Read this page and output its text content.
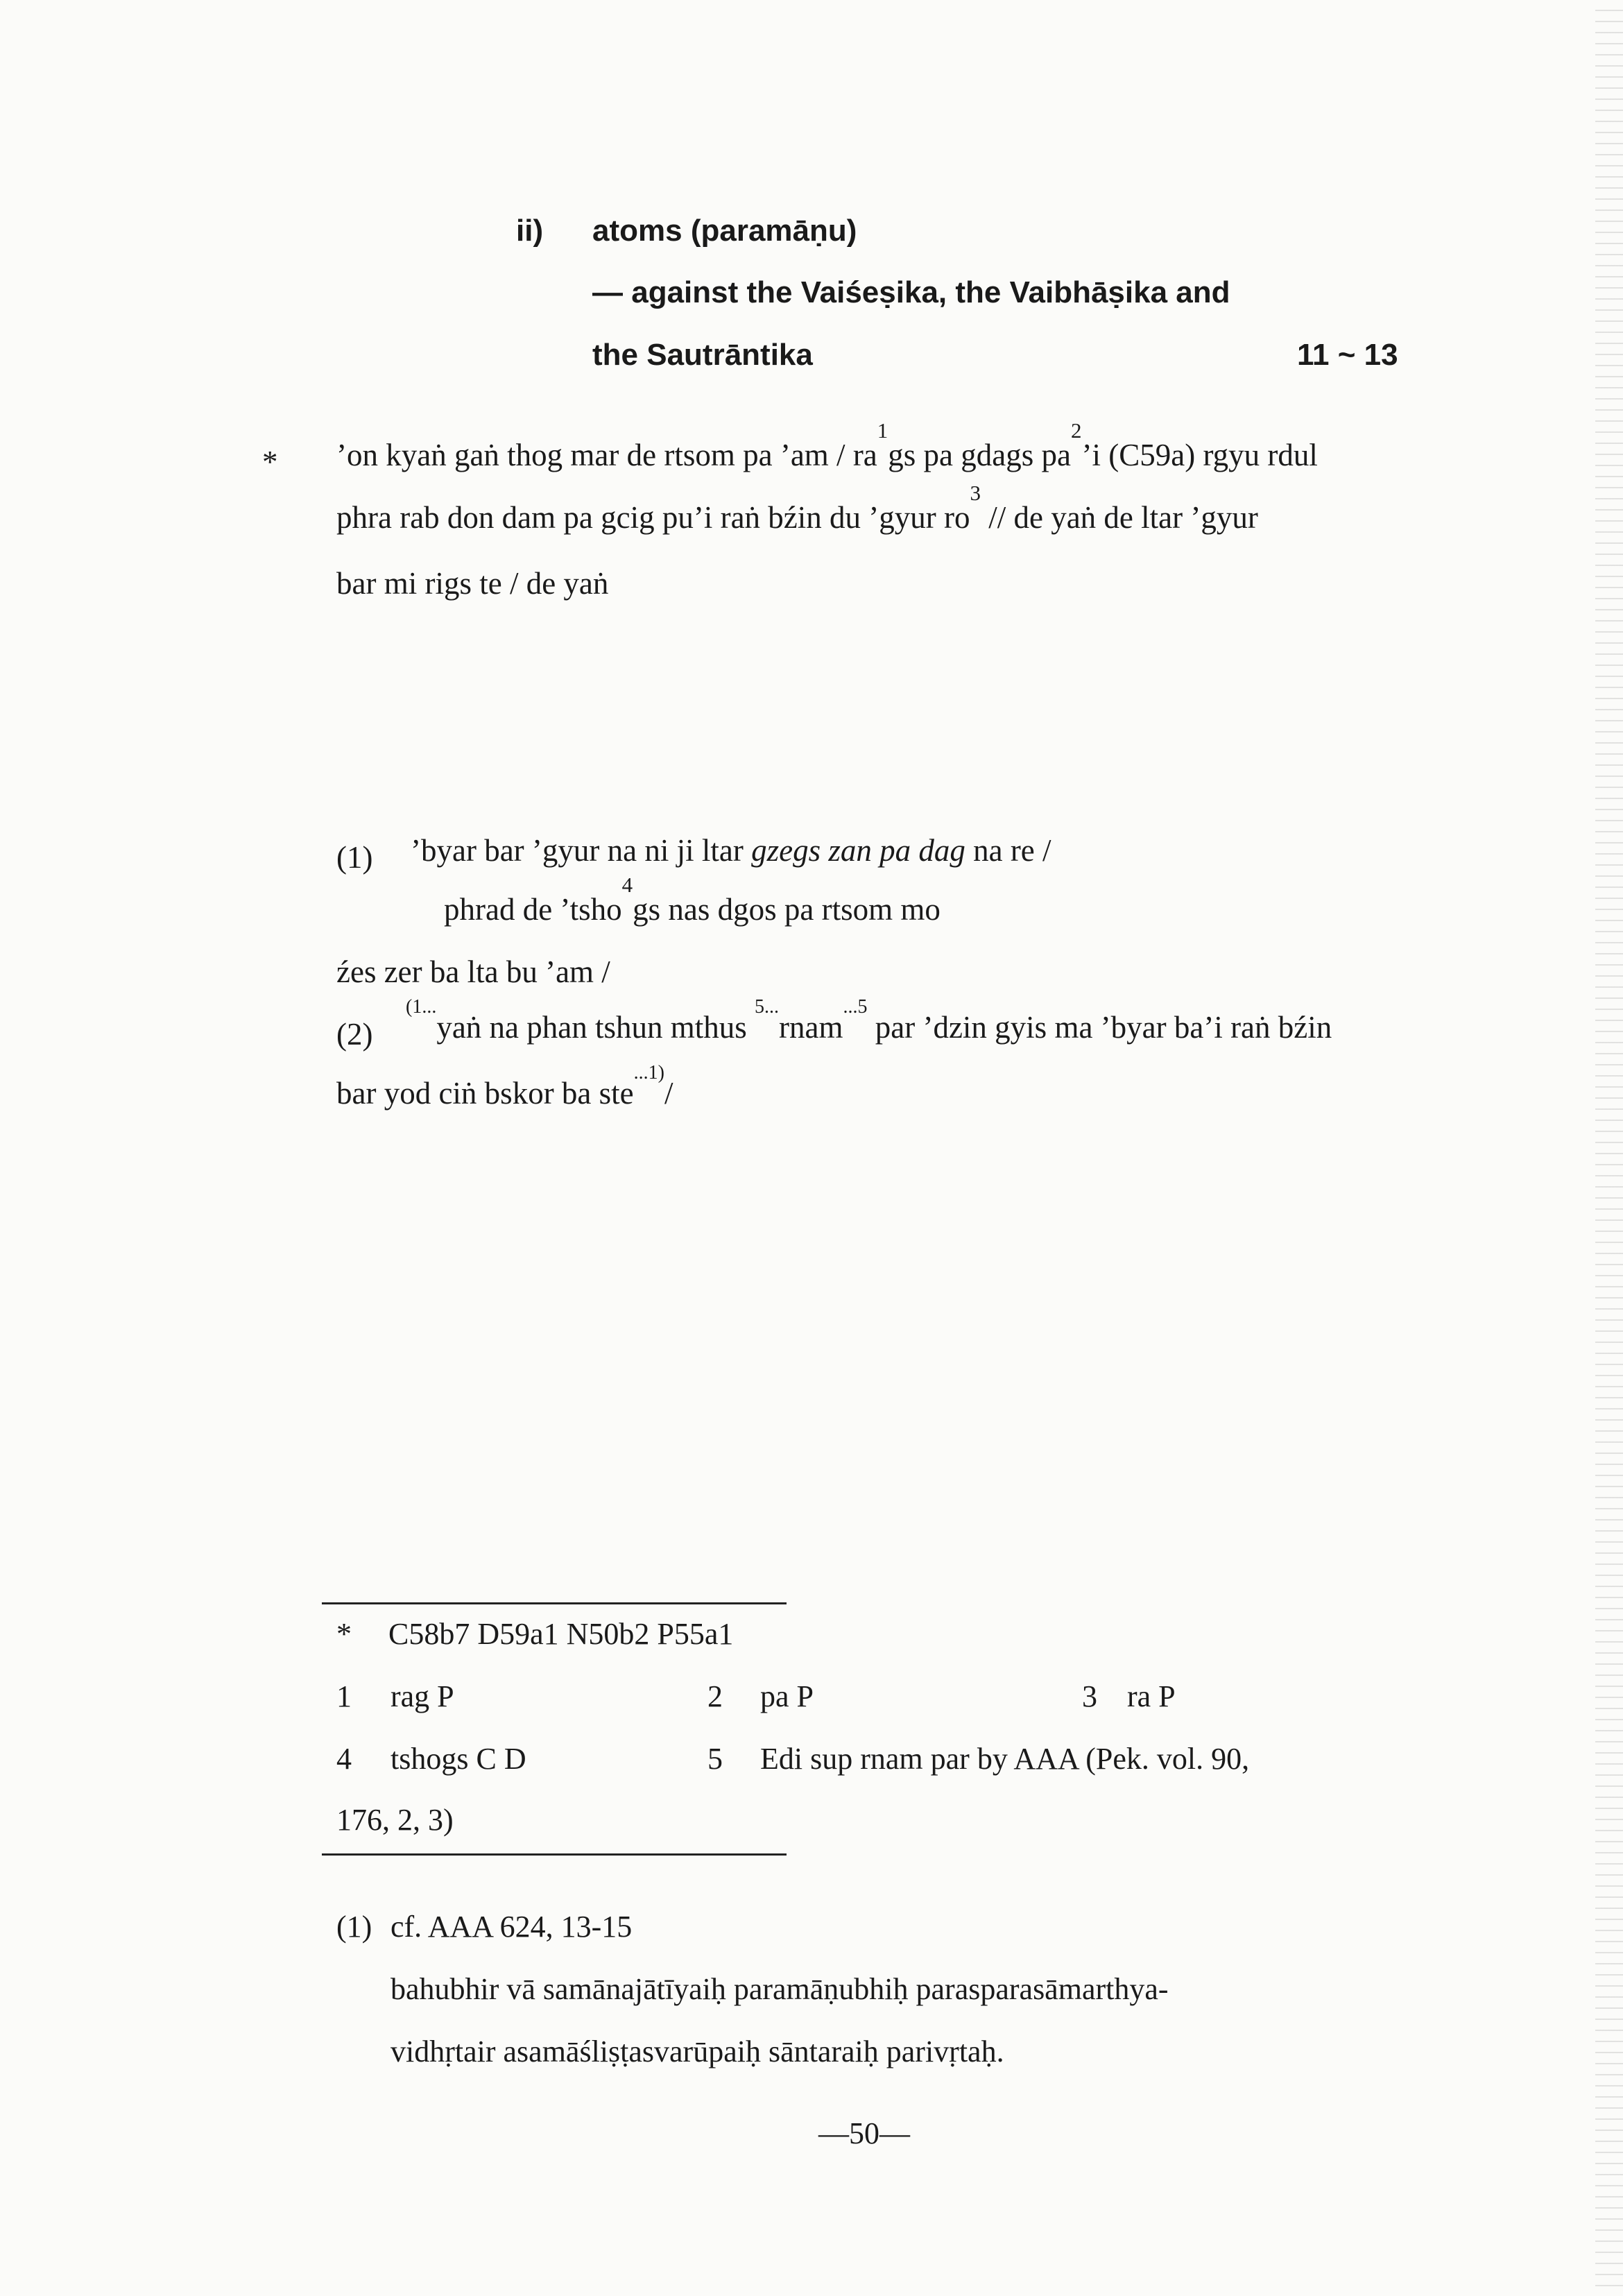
ii) atoms (paramāṇu)
— against the Vaiśeṣika, the Vaibhāṣika and
the Sautrāntika	11 ~ 13
* ’on kyaṅ gaṅ thog mar de rtsom pa ’am / $ra^1gs$ pa gdags $pa^2’i$ (C59a) rgyu rdul
phra rab don dam pa gcig pu’i raṅ bźin du ’gyur $ro^3$ // de yaṅ de ltar ’gyur
bar mi rigs te / de yaṅ
(1) ’byar bar ’gyur na ni ji ltar gzegs zan pa dag na re /
phrad de ’tsho$^4$gs nas dgos pa rtsom mo
źes zer ba lta bu ’am /
(2)
$^{(1...}$yaṅ na phan tshun mthus $^{5...}$rnam$^{...5}$ par ’dzin gyis ma ’byar ba’i raṅ bźin
bar yod ciṅ bskor ba ste$^{...1)}$/
* C58b7 D59a1 N50b2 P55a1
1 rag P	2 pa P	3 ra P
4 tshogs C D	5 Edi sup rnam par by AAA (Pek. vol. 90,
176, 2, 3)
(1) cf. AAA 624, 13-15
bahubhir vā samānajātīyaiḥ paramāṇubhiḥ parasparasāmarthya-
vidhṛtair asamāśliṣṭasvarūpaiḥ sāntaraiḥ parivṛtaḥ.
—50—
